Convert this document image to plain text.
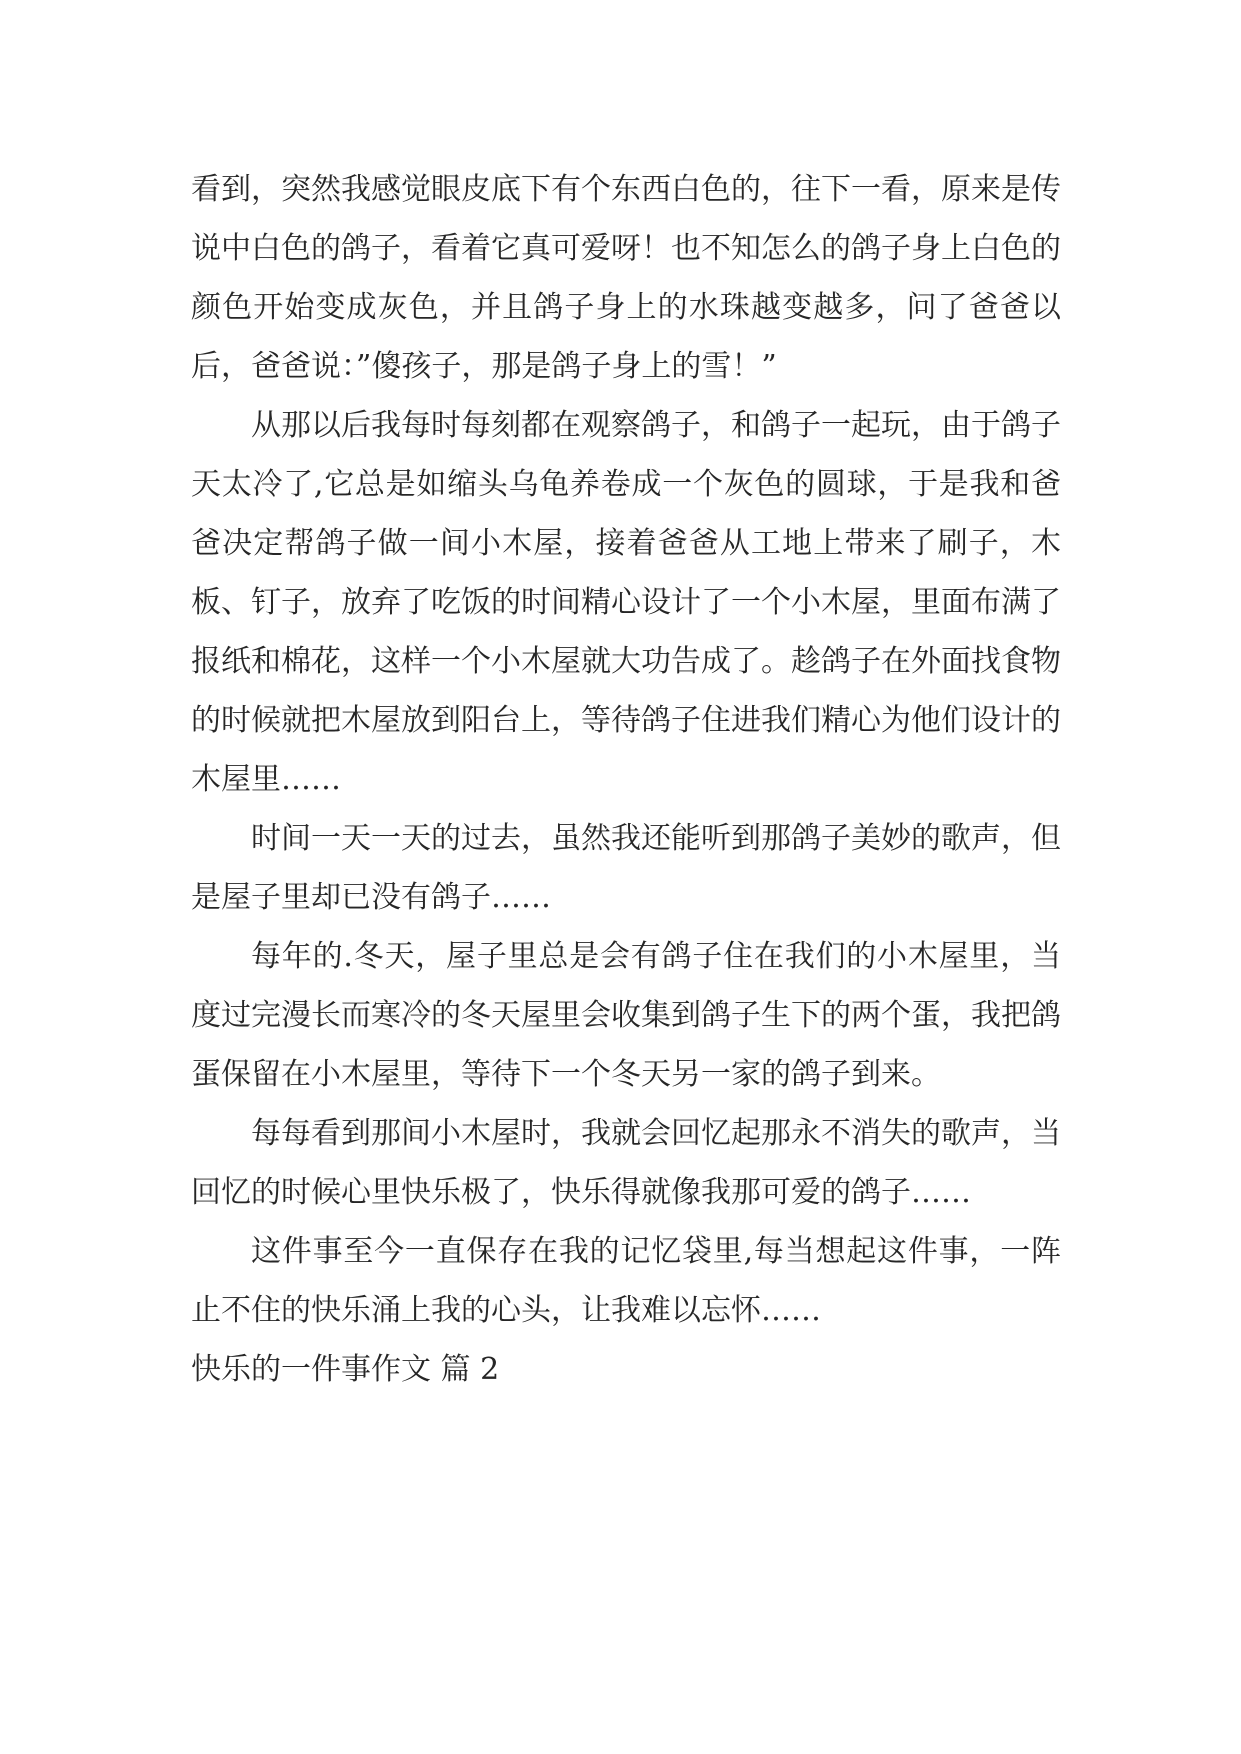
看到，突然我感觉眼皮底下有个东西白色的，往下一看，原来是传说中白色的鸽子，看着它真可爱呀！也不知怎么的鸽子身上白色的颜色开始变成灰色，并且鸽子身上的水珠越变越多，问了爸爸以后，爸爸说：”傻孩子，那是鸽子身上的雪！”

从那以后我每时每刻都在观察鸽子，和鸽子一起玩，由于鸽子天太冷了,它总是如缩头乌龟养卷成一个灰色的圆球，于是我和爸爸决定帮鸽子做一间小木屋，接着爸爸从工地上带来了刷子，木板、钉子，放弃了吃饭的时间精心设计了一个小木屋，里面布满了报纸和棉花，这样一个小木屋就大功告成了。趁鸽子在外面找食物的时候就把木屋放到阳台上，等待鸽子住进我们精心为他们设计的木屋里……

时间一天一天的过去，虽然我还能听到那鸽子美妙的歌声，但是屋子里却已没有鸽子……

每年的.冬天，屋子里总是会有鸽子住在我们的小木屋里，当度过完漫长而寒冷的冬天屋里会收集到鸽子生下的两个蛋，我把鸽蛋保留在小木屋里，等待下一个冬天另一家的鸽子到来。

每每看到那间小木屋时，我就会回忆起那永不消失的歌声，当回忆的时候心里快乐极了，快乐得就像我那可爱的鸽子……

这件事至今一直保存在我的记忆袋里,每当想起这件事，一阵止不住的快乐涌上我的心头，让我难以忘怀……

快乐的一件事作文 篇 2
